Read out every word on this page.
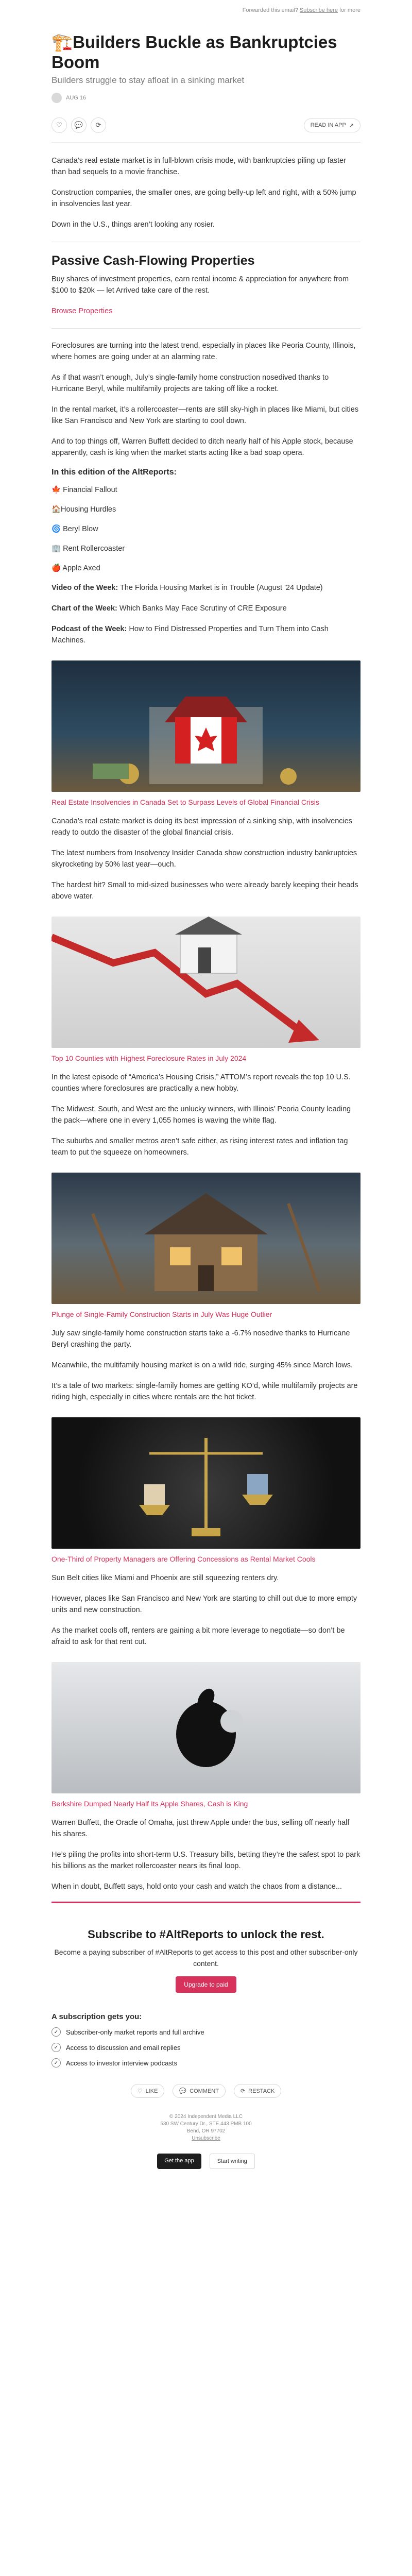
Forwarded this email? Subscribe here for more
🏗️Builders Buckle as Bankruptcies Boom
Builders struggle to stay afloat in a sinking market
AUG 16
♡	💬	⟳	READ IN APP ↗

Canada’s real estate market is in full-blown crisis mode, with bankruptcies piling up faster than bad sequels to a movie franchise.

Construction companies, the smaller ones, are going belly-up left and right, with a 50% jump in insolvencies last year.

Down in the U.S., things aren’t looking any rosier.

Passive Cash-Flowing Properties

Buy shares of investment properties, earn rental income & appreciation for anywhere from $100 to $20k — let Arrived take care of the rest.

Browse Properties

Foreclosures are turning into the latest trend, especially in places like Peoria County, Illinois, where homes are going under at an alarming rate.

As if that wasn’t enough, July’s single-family home construction nosedived thanks to Hurricane Beryl, while multifamily projects are taking off like a rocket.

In the rental market, it’s a rollercoaster—rents are still sky-high in places like Miami, but cities like San Francisco and New York are starting to cool down.

And to top things off, Warren Buffett decided to ditch nearly half of his Apple stock, because apparently, cash is king when the market starts acting like a bad soap opera.

In this edition of the AltReports:

🍁 Financial Fallout

🏠Housing Hurdles

🌀 Beryl Blow

🏢 Rent Rollercoaster

🍎 Apple Axed

Video of the Week: The Florida Housing Market is in Trouble (August '24 Update)

Chart of the Week: Which Banks May Face Scrutiny of CRE Exposure

Podcast of the Week: How to Find Distressed Properties and Turn Them into Cash Machines.

Real Estate Insolvencies in Canada Set to Surpass Levels of Global Financial Crisis

Canada’s real estate market is doing its best impression of a sinking ship, with insolvencies ready to outdo the disaster of the global financial crisis.

The latest numbers from Insolvency Insider Canada show construction industry bankruptcies skyrocketing by 50% last year—ouch.

The hardest hit? Small to mid-sized businesses who were already barely keeping their heads above water.

Top 10 Counties with Highest Foreclosure Rates in July 2024

In the latest episode of “America’s Housing Crisis,” ATTOM’s report reveals the top 10 U.S. counties where foreclosures are practically a new hobby.

The Midwest, South, and West are the unlucky winners, with Illinois’ Peoria County leading the pack—where one in every 1,055 homes is waving the white flag.

The suburbs and smaller metros aren’t safe either, as rising interest rates and inflation tag team to put the squeeze on homeowners.

Plunge of Single-Family Construction Starts in July Was Huge Outlier

July saw single-family home construction starts take a -6.7% nosedive thanks to Hurricane Beryl crashing the party.

Meanwhile, the multifamily housing market is on a wild ride, surging 45% since March lows.

It’s a tale of two markets: single-family homes are getting KO’d, while multifamily projects are riding high, especially in cities where rentals are the hot ticket.

One-Third of Property Managers are Offering Concessions as Rental Market Cools

Sun Belt cities like Miami and Phoenix are still squeezing renters dry.

However, places like San Francisco and New York are starting to chill out due to more empty units and new construction.

As the market cools off, renters are gaining a bit more leverage to negotiate—so don’t be afraid to ask for that rent cut.

Berkshire Dumped Nearly Half Its Apple Shares, Cash is King

Warren Buffett, the Oracle of Omaha, just threw Apple under the bus, selling off nearly half his shares.

He’s piling the profits into short-term U.S. Treasury bills, betting they’re the safest spot to park his billions as the market rollercoaster nears its final loop.

When in doubt, Buffett says, hold onto your cash and watch the chaos from a distance...

Subscribe to #AltReports to unlock the rest.

Become a paying subscriber of #AltReports to get access to this post and other subscriber-only content.

Upgrade to paid
A subscription gets you:
✓	Subscriber-only market reports and full archive
✓	Access to discussion and email replies
✓	Access to investor interview podcasts
♡ LIKE	💬 COMMENT	⟳ RESTACK
© 2024 Independent Media LLC
530 SW Century Dr., STE 443 PMB 100
Bend, OR 97702
Unsubscribe
Get the app	Start writing
